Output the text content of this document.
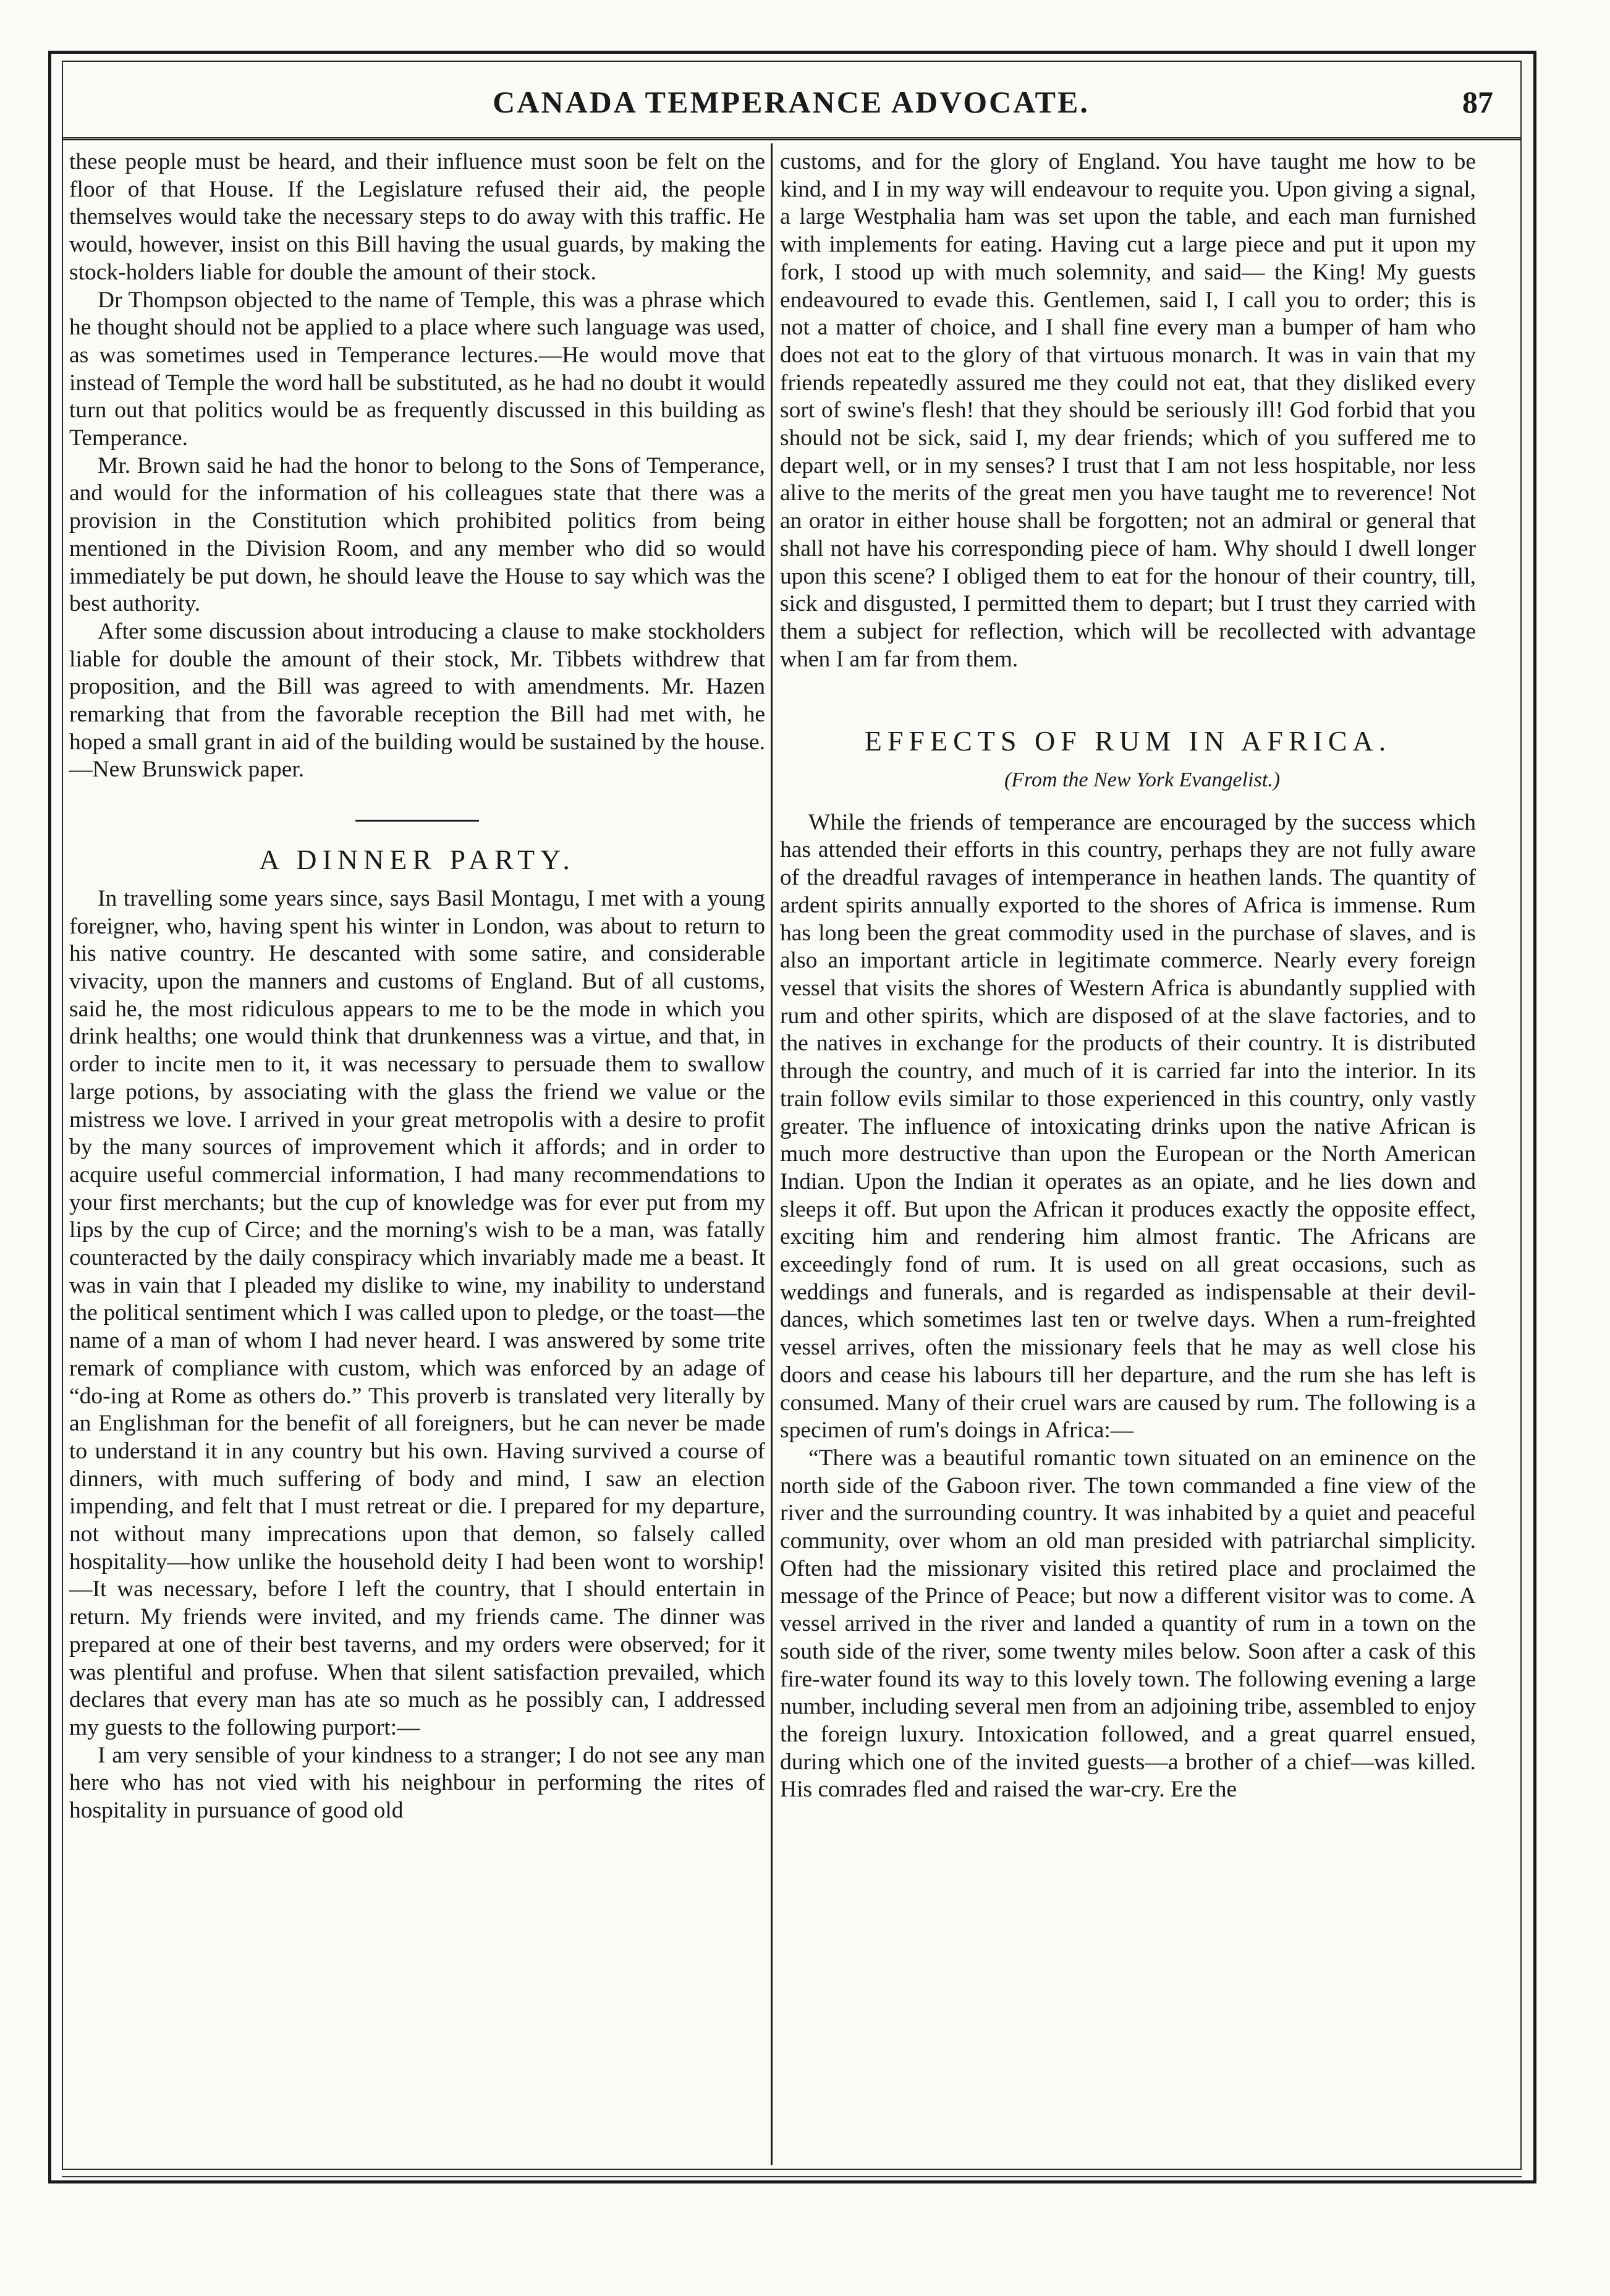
CANADA TEMPERANCE ADVOCATE.	87

these people must be heard, and their influence must soon be felt on the floor of that House. If the Legislature refused their aid, the people themselves would take the necessary steps to do away with this traffic. He would, however, insist on this Bill having the usual guards, by making the stock-holders liable for double the amount of their stock.

Dr Thompson objected to the name of Temple, this was a phrase which he thought should not be applied to a place where such language was used, as was sometimes used in Temperance lectures.—He would move that instead of Temple the word hall be substituted, as he had no doubt it would turn out that politics would be as frequently discussed in this building as Temperance.

Mr. Brown said he had the honor to belong to the Sons of Temperance, and would for the information of his colleagues state that there was a provision in the Constitution which prohibited politics from being mentioned in the Division Room, and any member who did so would immediately be put down, he should leave the House to say which was the best authority.

After some discussion about introducing a clause to make stockholders liable for double the amount of their stock, Mr. Tibbets withdrew that proposition, and the Bill was agreed to with amendments. Mr. Hazen remarking that from the favorable reception the Bill had met with, he hoped a small grant in aid of the building would be sustained by the house. —New Brunswick paper.

A DINNER PARTY.

In travelling some years since, says Basil Montagu, I met with a young foreigner, who, having spent his winter in London, was about to return to his native country. He descanted with some satire, and considerable vivacity, upon the manners and customs of England. But of all customs, said he, the most ridiculous appears to me to be the mode in which you drink healths; one would think that drunkenness was a virtue, and that, in order to incite men to it, it was necessary to persuade them to swallow large potions, by associating with the glass the friend we value or the mistress we love. I arrived in your great metropolis with a desire to profit by the many sources of improvement which it affords; and in order to acquire useful commercial information, I had many recommendations to your first merchants; but the cup of knowledge was for ever put from my lips by the cup of Circe; and the morning's wish to be a man, was fatally counteracted by the daily conspiracy which invariably made me a beast. It was in vain that I pleaded my dislike to wine, my inability to understand the political sentiment which I was called upon to pledge, or the toast—the name of a man of whom I had never heard. I was answered by some trite remark of compliance with custom, which was enforced by an adage of “do-ing at Rome as others do.” This proverb is translated very literally by an Englishman for the benefit of all foreigners, but he can never be made to understand it in any country but his own. Having survived a course of dinners, with much suffering of body and mind, I saw an election impending, and felt that I must retreat or die. I prepared for my departure, not without many imprecations upon that demon, so falsely called hospitality—how unlike the household deity I had been wont to worship!—It was necessary, before I left the country, that I should entertain in return. My friends were invited, and my friends came. The dinner was prepared at one of their best taverns, and my orders were observed; for it was plentiful and profuse. When that silent satisfaction prevailed, which declares that every man has ate so much as he possibly can, I addressed my guests to the following purport:—

I am very sensible of your kindness to a stranger; I do not see any man here who has not vied with his neighbour in performing the rites of hospitality in pursuance of good old

customs, and for the glory of England. You have taught me how to be kind, and I in my way will endeavour to requite you. Upon giving a signal, a large Westphalia ham was set upon the table, and each man furnished with implements for eating. Having cut a large piece and put it upon my fork, I stood up with much solemnity, and said— the King! My guests endeavoured to evade this. Gentlemen, said I, I call you to order; this is not a matter of choice, and I shall fine every man a bumper of ham who does not eat to the glory of that virtuous monarch. It was in vain that my friends repeatedly assured me they could not eat, that they disliked every sort of swine's flesh! that they should be seriously ill! God forbid that you should not be sick, said I, my dear friends; which of you suffered me to depart well, or in my senses? I trust that I am not less hospitable, nor less alive to the merits of the great men you have taught me to reverence! Not an orator in either house shall be forgotten; not an admiral or general that shall not have his corresponding piece of ham. Why should I dwell longer upon this scene? I obliged them to eat for the honour of their country, till, sick and disgusted, I permitted them to depart; but I trust they carried with them a subject for reflection, which will be recollected with advantage when I am far from them.

EFFECTS OF RUM IN AFRICA.

(From the New York Evangelist.)

While the friends of temperance are encouraged by the success which has attended their efforts in this country, perhaps they are not fully aware of the dreadful ravages of intemperance in heathen lands. The quantity of ardent spirits annually exported to the shores of Africa is immense. Rum has long been the great commodity used in the purchase of slaves, and is also an important article in legitimate commerce. Nearly every foreign vessel that visits the shores of Western Africa is abundantly supplied with rum and other spirits, which are disposed of at the slave factories, and to the natives in exchange for the products of their country. It is distributed through the country, and much of it is carried far into the interior. In its train follow evils similar to those experienced in this country, only vastly greater. The influence of intoxicating drinks upon the native African is much more destructive than upon the European or the North American Indian. Upon the Indian it operates as an opiate, and he lies down and sleeps it off. But upon the African it produces exactly the opposite effect, exciting him and rendering him almost frantic. The Africans are exceedingly fond of rum. It is used on all great occasions, such as weddings and funerals, and is regarded as indispensable at their devil-dances, which sometimes last ten or twelve days. When a rum-freighted vessel arrives, often the missionary feels that he may as well close his doors and cease his labours till her departure, and the rum she has left is consumed. Many of their cruel wars are caused by rum. The following is a specimen of rum's doings in Africa:—

“There was a beautiful romantic town situated on an eminence on the north side of the Gaboon river. The town commanded a fine view of the river and the surrounding country. It was inhabited by a quiet and peaceful community, over whom an old man presided with patriarchal simplicity. Often had the missionary visited this retired place and proclaimed the message of the Prince of Peace; but now a different visitor was to come. A vessel arrived in the river and landed a quantity of rum in a town on the south side of the river, some twenty miles below. Soon after a cask of this fire-water found its way to this lovely town. The following evening a large number, including several men from an adjoining tribe, assembled to enjoy the foreign luxury. Intoxication followed, and a great quarrel ensued, during which one of the invited guests—a brother of a chief—was killed. His comrades fled and raised the war-cry. Ere the
